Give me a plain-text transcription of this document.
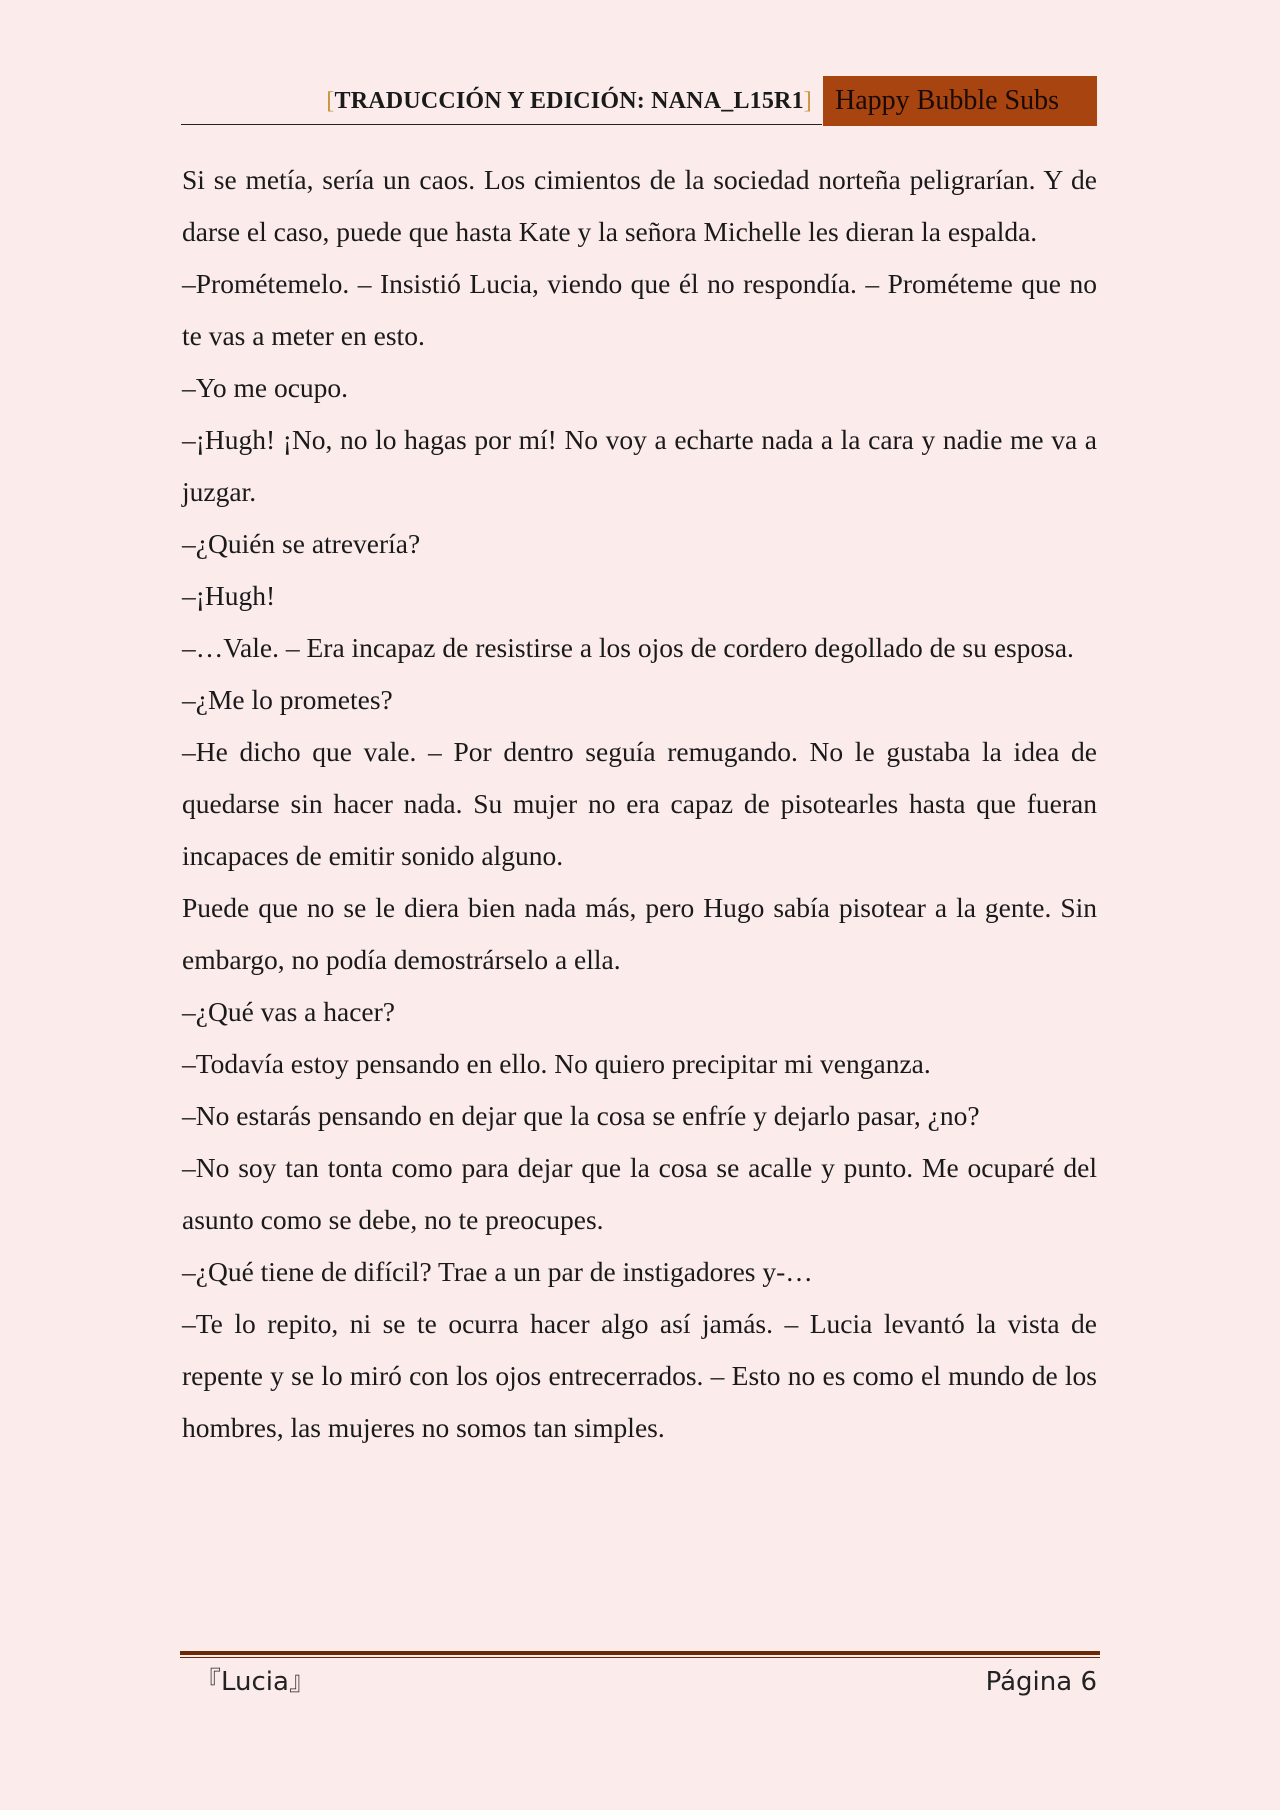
[TRADUCCIÓN Y EDICIÓN: NANA_L15R1] Happy Bubble Subs

Si se metía, sería un caos. Los cimientos de la sociedad norteña peligrarían. Y de darse el caso, puede que hasta Kate y la señora Michelle les dieran la espalda.

–Prométemelo. – Insistió Lucia, viendo que él no respondía. – Prométeme que no te vas a meter en esto.

–Yo me ocupo.

–¡Hugh! ¡No, no lo hagas por mí! No voy a echarte nada a la cara y nadie me va a juzgar.

–¿Quién se atrevería?

–¡Hugh!

–…Vale. – Era incapaz de resistirse a los ojos de cordero degollado de su esposa.

–¿Me lo prometes?

–He dicho que vale. – Por dentro seguía remugando. No le gustaba la idea de quedarse sin hacer nada. Su mujer no era capaz de pisotearles hasta que fueran incapaces de emitir sonido alguno.

Puede que no se le diera bien nada más, pero Hugo sabía pisotear a la gente. Sin embargo, no podía demostrárselo a ella.

–¿Qué vas a hacer?

–Todavía estoy pensando en ello. No quiero precipitar mi venganza.

–No estarás pensando en dejar que la cosa se enfríe y dejarlo pasar, ¿no?

–No soy tan tonta como para dejar que la cosa se acalle y punto. Me ocuparé del asunto como se debe, no te preocupes.

–¿Qué tiene de difícil? Trae a un par de instigadores y-…

–Te lo repito, ni se te ocurra hacer algo así jamás. – Lucia levantó la vista de repente y se lo miró con los ojos entrecerrados. – Esto no es como el mundo de los hombres, las mujeres no somos tan simples.

『Lucia』	Página 6
